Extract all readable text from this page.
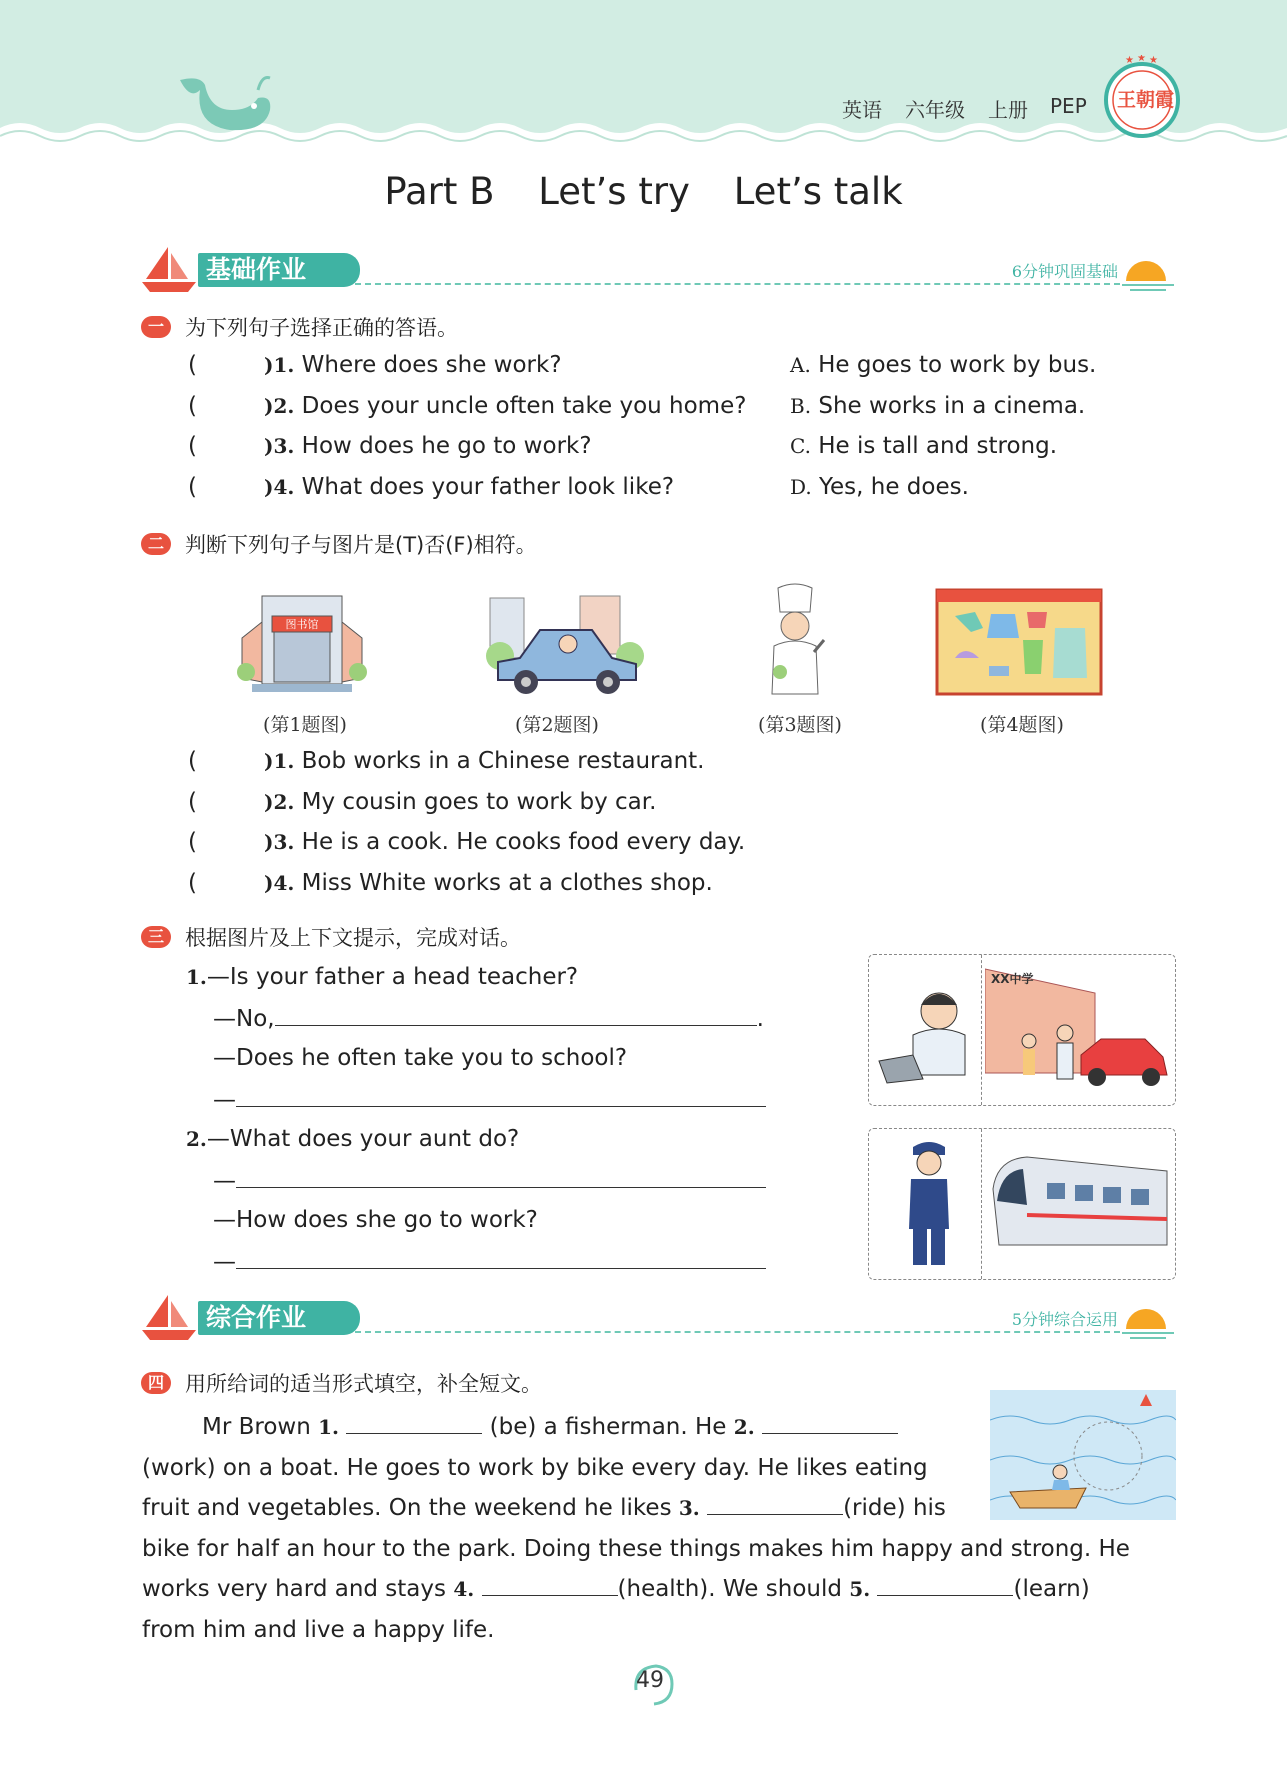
英语 六年级 上册 PEP
★ ★ ★
王朝霞
Part B Let’s try Let’s talk
基础作业	6分钟巩固基础
一	为下列句子选择正确的答语。
(	)1. Where does she work?
(	)2. Does your uncle often take you home?
(	)3. How does he go to work?
(	)4. What does your father look like?
A. He goes to work by bus.
B. She works in a cinema.
C. He is tall and strong.
D. Yes, he does.
二	判断下列句子与图片是(T)否(F)相符。
图书馆
(第1题图)	(第2题图)	(第3题图)	(第4题图)
(	)1. Bob works in a Chinese restaurant.
(	)2. My cousin goes to work by car.
(	)3. He is a cook. He cooks food every day.
(	)4. Miss White works at a clothes shop.
三	根据图片及上下文提示，完成对话。
1.—Is your father a head teacher?
—No,	.
—Does he often take you to school?
—
2.—What does your aunt do?
—
—How does she go to work?
—
XX中学
综合作业	5分钟综合运用
四	用所给词的适当形式填空，补全短文。
Mr Brown 1.	(be) a fisherman. He 2.
(work) on a boat. He goes to work by bike every day. He likes eating
fruit and vegetables. On the weekend he likes 3.	(ride) his
bike for half an hour to the park. Doing these things makes him happy and strong. He
works very hard and stays 4.	(health). We should 5.	(learn)
from him and live a happy life.
49
